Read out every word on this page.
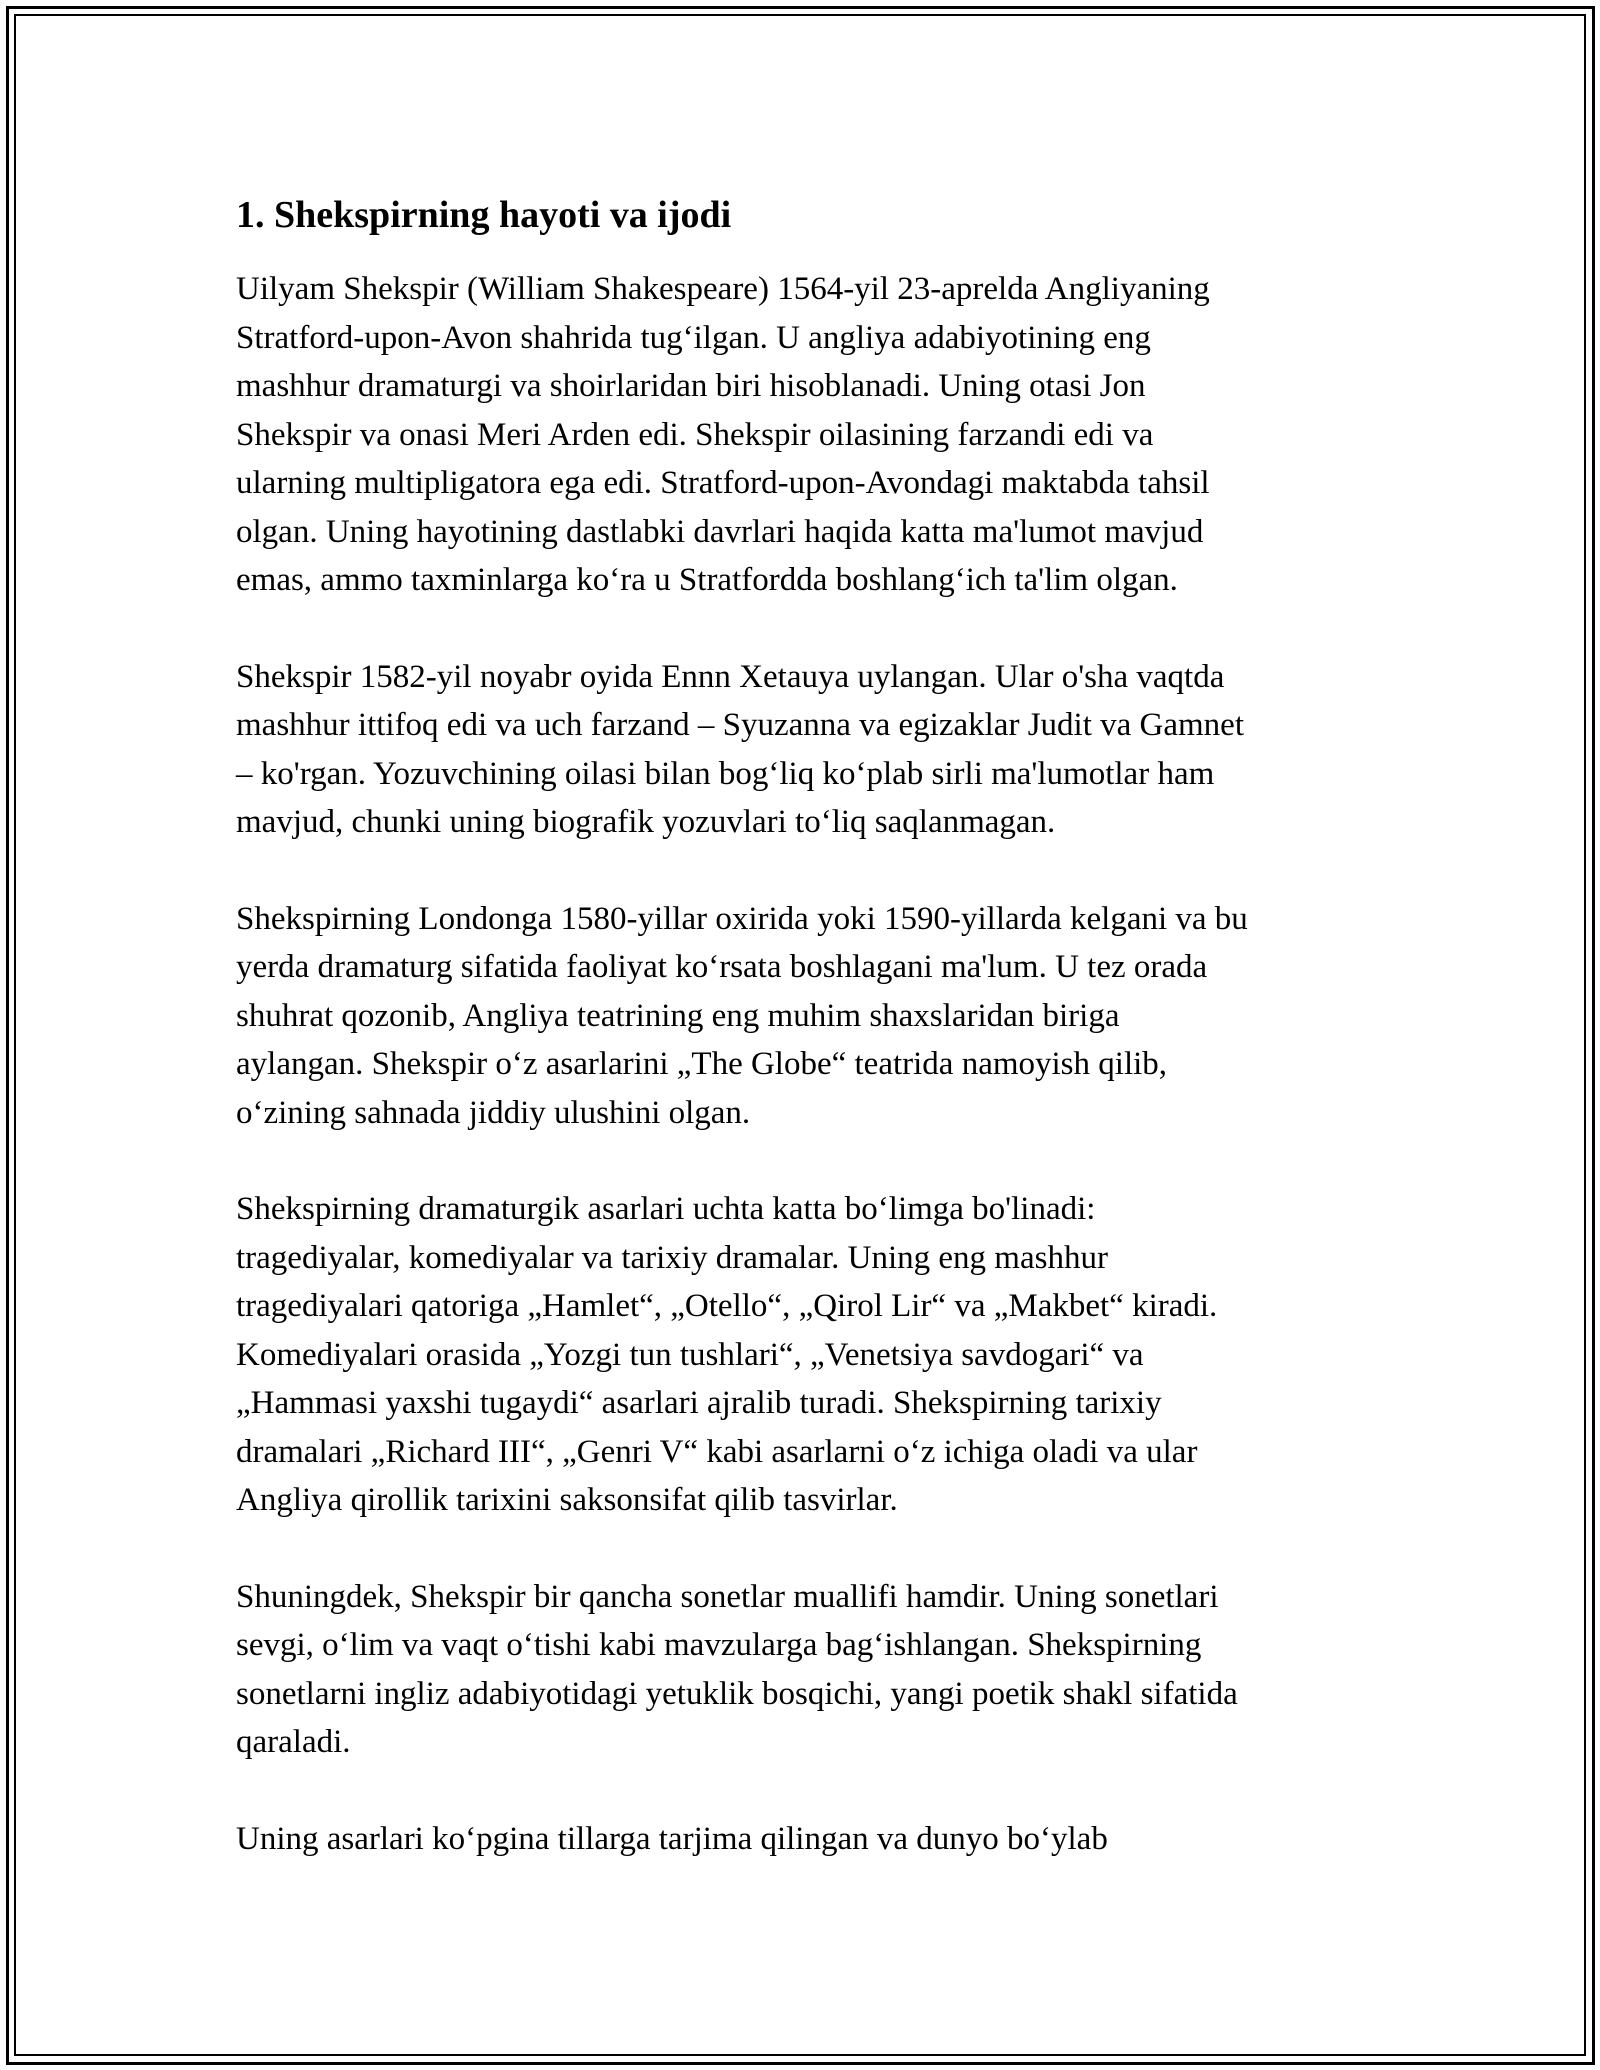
1. Shekspirning hayoti va ijodi

Uilyam Shekspir (William Shakespeare) 1564-yil 23-aprelda Angliyaning
Stratford-upon-Avon shahrida tug‘ilgan. U angliya adabiyotining eng
mashhur dramaturgi va shoirlaridan biri hisoblanadi. Uning otasi Jon
Shekspir va onasi Meri Arden edi. Shekspir oilasining farzandi edi va
ularning multipligatora ega edi. Stratford-upon-Avondagi maktabda tahsil
olgan. Uning hayotining dastlabki davrlari haqida katta ma'lumot mavjud
emas, ammo taxminlarga ko‘ra u Stratfordda boshlang‘ich ta'lim olgan.

Shekspir 1582-yil noyabr oyida Ennn Xetauya uylangan. Ular o'sha vaqtda
mashhur ittifoq edi va uch farzand – Syuzanna va egizaklar Judit va Gamnet
– ko'rgan. Yozuvchining oilasi bilan bog‘liq ko‘plab sirli ma'lumotlar ham
mavjud, chunki uning biografik yozuvlari to‘liq saqlanmagan.

Shekspirning Londonga 1580-yillar oxirida yoki 1590-yillarda kelgani va bu
yerda dramaturg sifatida faoliyat ko‘rsata boshlagani ma'lum. U tez orada
shuhrat qozonib, Angliya teatrining eng muhim shaxslaridan biriga
aylangan. Shekspir o‘z asarlarini „The Globe“ teatrida namoyish qilib,
o‘zining sahnada jiddiy ulushini olgan.

Shekspirning dramaturgik asarlari uchta katta bo‘limga bo'linadi:
tragediyalar, komediyalar va tarixiy dramalar. Uning eng mashhur
tragediyalari qatoriga „Hamlet“, „Otello“, „Qirol Lir“ va „Makbet“ kiradi.
Komediyalari orasida „Yozgi tun tushlari“, „Venetsiya savdogari“ va
„Hammasi yaxshi tugaydi“ asarlari ajralib turadi. Shekspirning tarixiy
dramalari „Richard III“, „Genri V“ kabi asarlarni o‘z ichiga oladi va ular
Angliya qirollik tarixini saksonsifat qilib tasvirlar.

Shuningdek, Shekspir bir qancha sonetlar muallifi hamdir. Uning sonetlari
sevgi, o‘lim va vaqt o‘tishi kabi mavzularga bag‘ishlangan. Shekspirning
sonetlarni ingliz adabiyotidagi yetuklik bosqichi, yangi poetik shakl sifatida
qaraladi.

Uning asarlari ko‘pgina tillarga tarjima qilingan va dunyo bo‘ylab
